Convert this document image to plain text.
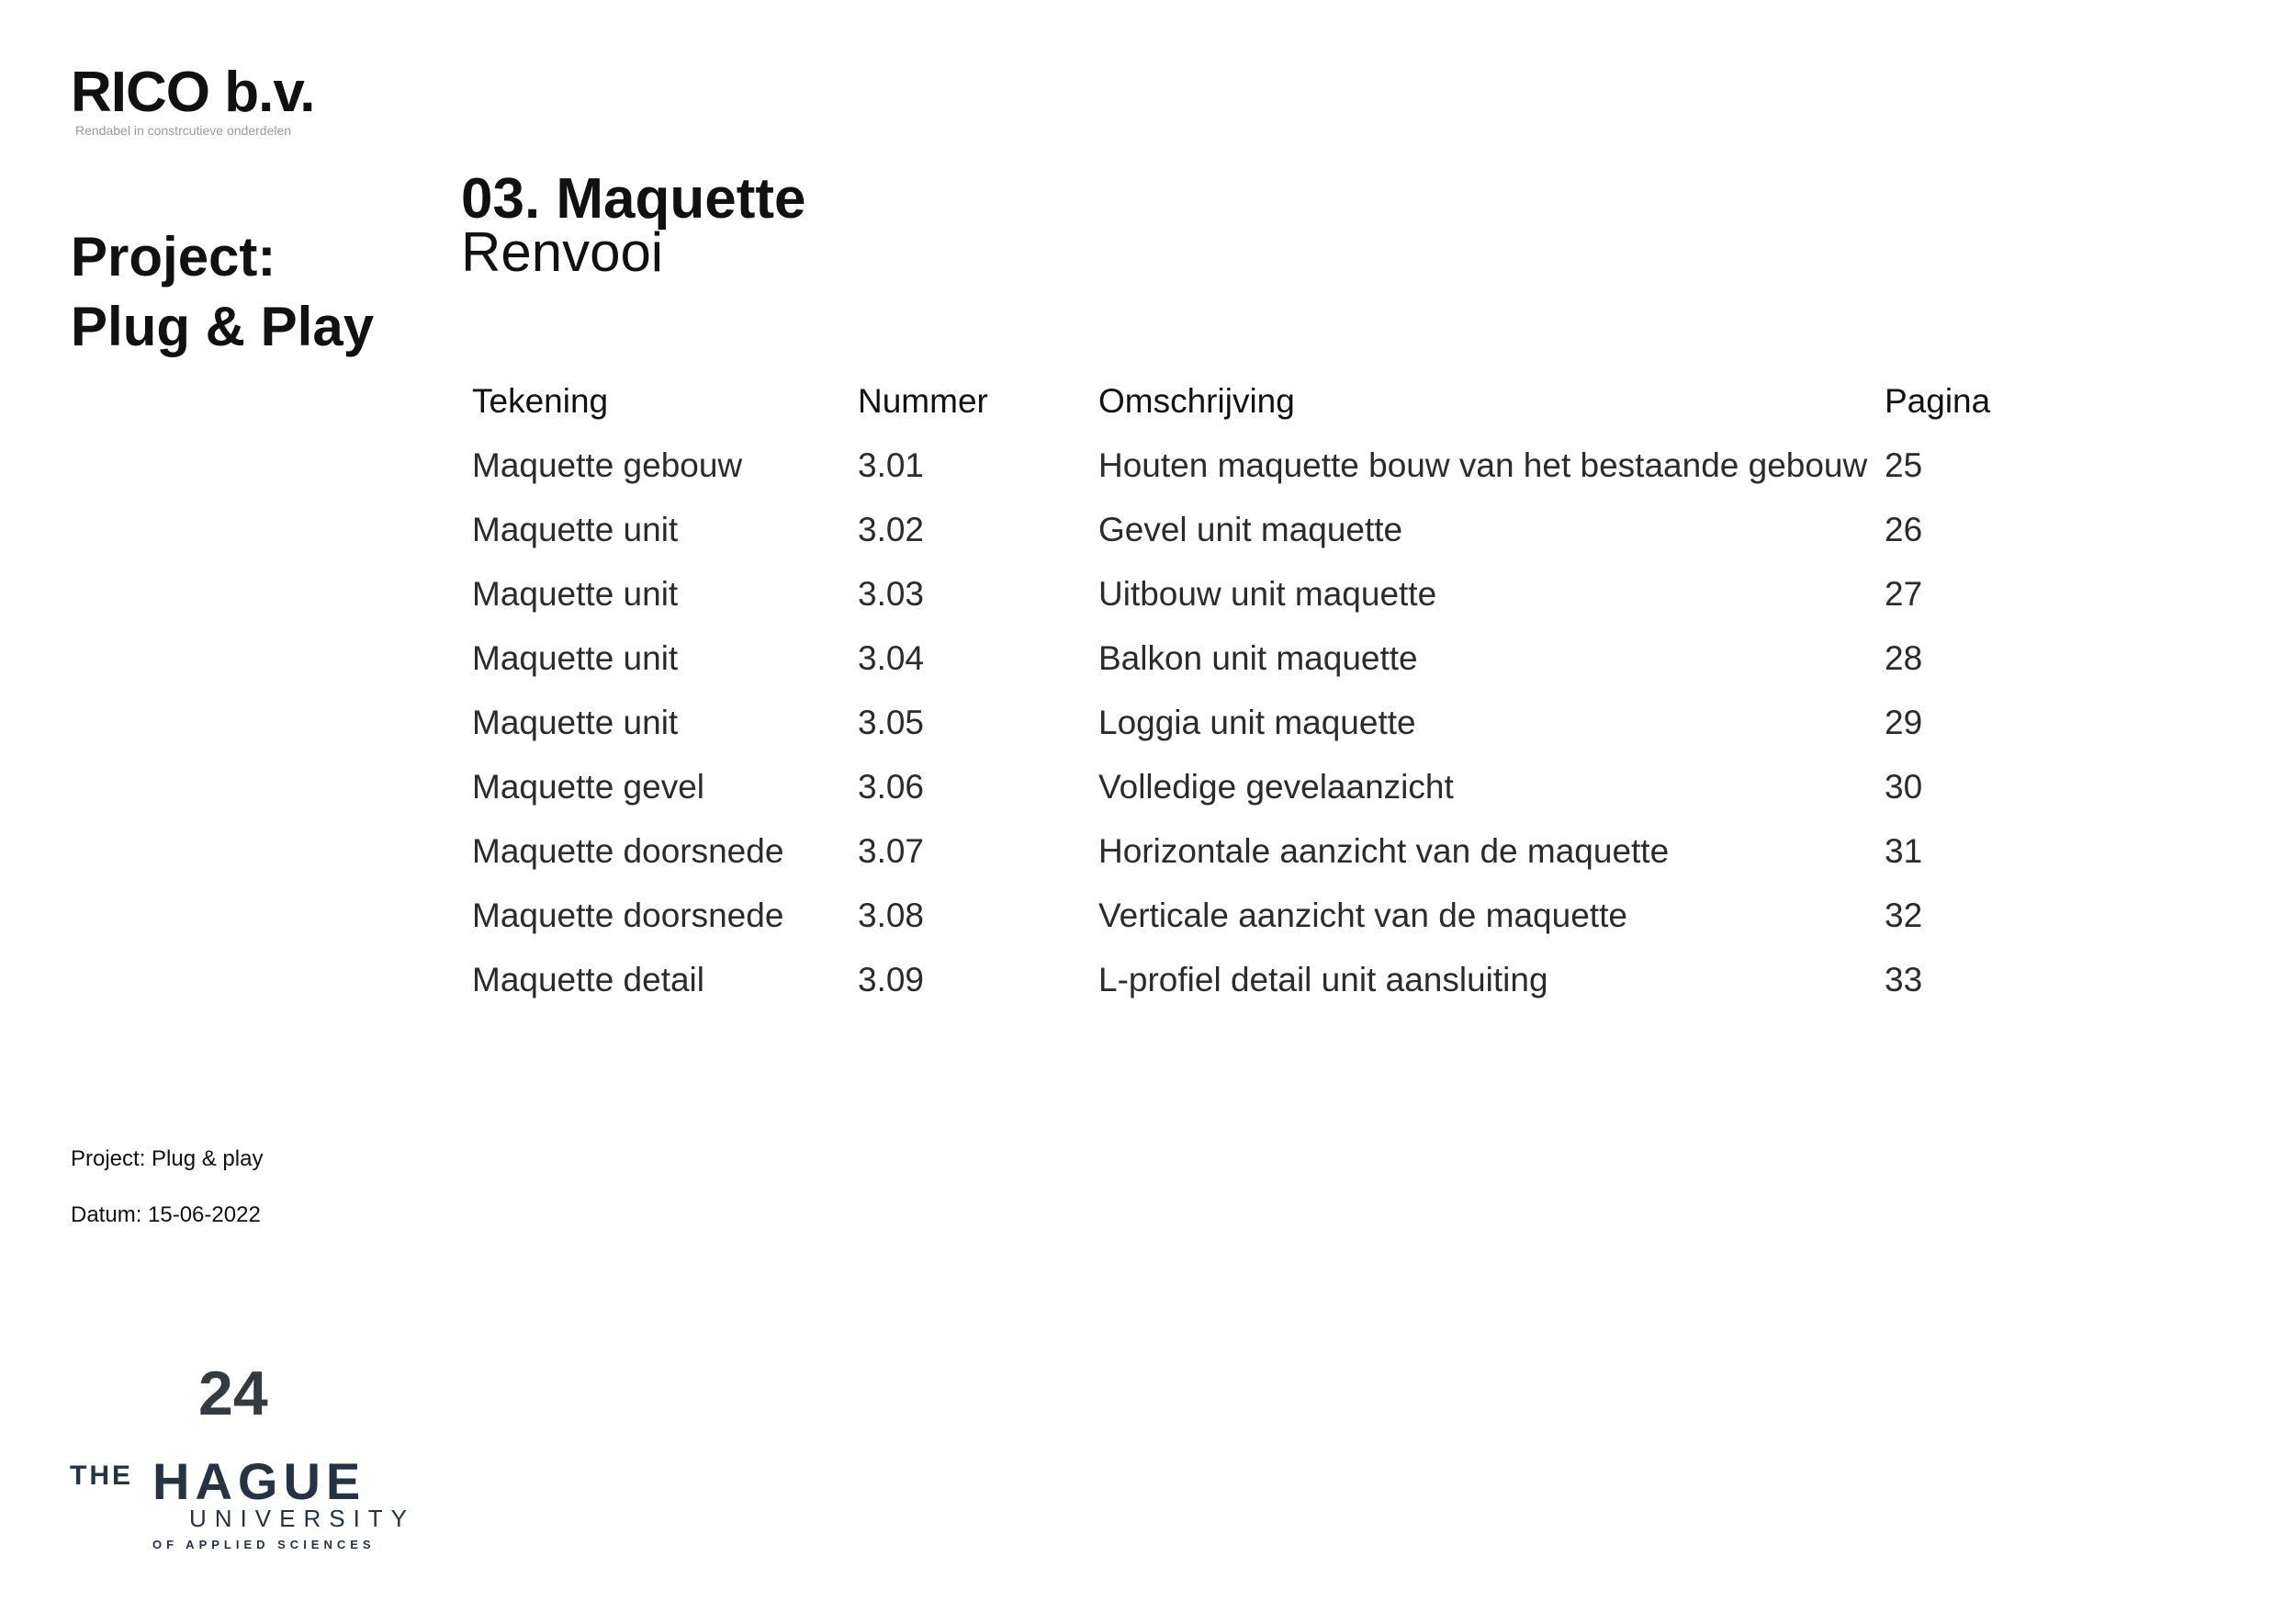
RICO b.v.
Rendabel in constrcutieve onderdelen
Project:
Plug & Play
03. Maquette
Renvooi
Tekening	Nummer	Omschrijving	Pagina
Maquette gebouw	3.01	Houten maquette bouw van het bestaande gebouw 25
Maquette unit	3.02	Gevel unit maquette	26
Maquette unit	3.03	Uitbouw unit maquette	27
Maquette unit	3.04	Balkon unit maquette	28
Maquette unit	3.05	Loggia unit maquette	29
Maquette gevel	3.06	Volledige gevelaanzicht	30
Maquette doorsnede 3.07	Horizontale aanzicht van de maquette	31
Maquette doorsnede 3.08	Verticale aanzicht van de maquette	32
Maquette detail	3.09	L-profiel detail unit aansluiting	33
Project: Plug & play
Datum: 15-06-2022
24
THE HAGUE
UNIVERSITY
OF APPLIED SCIENCES
